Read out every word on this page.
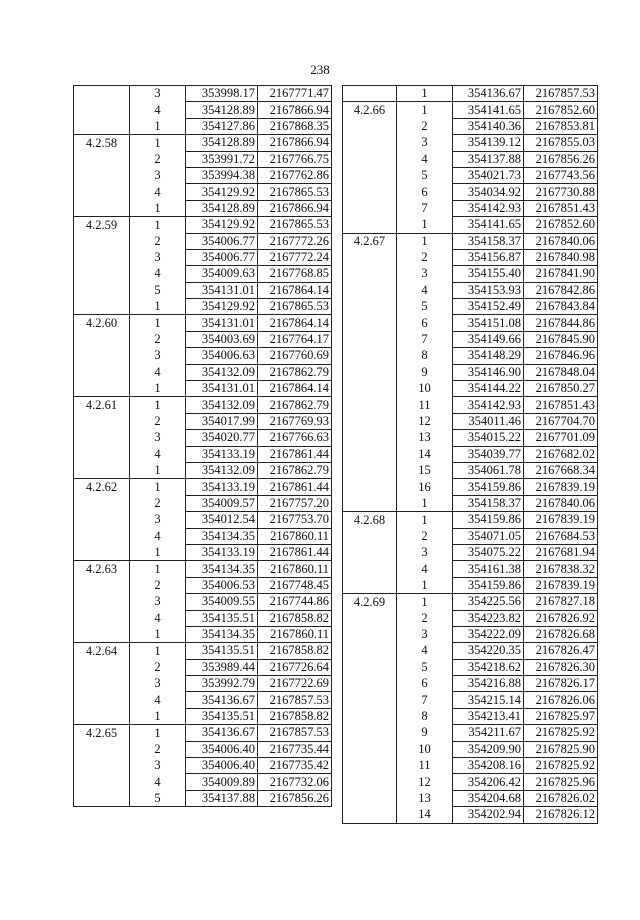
238
	3	353998.17	2167771.47
	4	354128.89	2167866.94
	1	354127.86	2167868.35
4.2.58	1	354128.89	2167866.94
	2	353991.72	2167766.75
	3	353994.38	2167762.86
	4	354129.92	2167865.53
	1	354128.89	2167866.94
4.2.59	1	354129.92	2167865.53
	2	354006.77	2167772.26
	3	354006.77	2167772.24
	4	354009.63	2167768.85
	5	354131.01	2167864.14
	1	354129.92	2167865.53
4.2.60	1	354131.01	2167864.14
	2	354003.69	2167764.17
	3	354006.63	2167760.69
	4	354132.09	2167862.79
	1	354131.01	2167864.14
4.2.61	1	354132.09	2167862.79
	2	354017.99	2167769.93
	3	354020.77	2167766.63
	4	354133.19	2167861.44
	1	354132.09	2167862.79
4.2.62	1	354133.19	2167861.44
	2	354009.57	2167757.20
	3	354012.54	2167753.70
	4	354134.35	2167860.11
	1	354133.19	2167861.44
4.2.63	1	354134.35	2167860.11
	2	354006.53	2167748.45
	3	354009.55	2167744.86
	4	354135.51	2167858.82
	1	354134.35	2167860.11
4.2.64	1	354135.51	2167858.82
	2	353989.44	2167726.64
	3	353992.79	2167722.69
	4	354136.67	2167857.53
	1	354135.51	2167858.82
4.2.65	1	354136.67	2167857.53
	2	354006.40	2167735.44
	3	354006.40	2167735.42
	4	354009.89	2167732.06
	5	354137.88	2167856.26
	1	354136.67	2167857.53
4.2.66	1	354141.65	2167852.60
	2	354140.36	2167853.81
	3	354139.12	2167855.03
	4	354137.88	2167856.26
	5	354021.73	2167743.56
	6	354034.92	2167730.88
	7	354142.93	2167851.43
	1	354141.65	2167852.60
4.2.67	1	354158.37	2167840.06
	2	354156.87	2167840.98
	3	354155.40	2167841.90
	4	354153.93	2167842.86
	5	354152.49	2167843.84
	6	354151.08	2167844.86
	7	354149.66	2167845.90
	8	354148.29	2167846.96
	9	354146.90	2167848.04
	10	354144.22	2167850.27
	11	354142.93	2167851.43
	12	354011.46	2167704.70
	13	354015.22	2167701.09
	14	354039.77	2167682.02
	15	354061.78	2167668.34
	16	354159.86	2167839.19
	1	354158.37	2167840.06
4.2.68	1	354159.86	2167839.19
	2	354071.05	2167684.53
	3	354075.22	2167681.94
	4	354161.38	2167838.32
	1	354159.86	2167839.19
4.2.69	1	354225.56	2167827.18
	2	354223.82	2167826.92
	3	354222.09	2167826.68
	4	354220.35	2167826.47
	5	354218.62	2167826.30
	6	354216.88	2167826.17
	7	354215.14	2167826.06
	8	354213.41	2167825.97
	9	354211.67	2167825.92
	10	354209.90	2167825.90
	11	354208.16	2167825.92
	12	354206.42	2167825.96
	13	354204.68	2167826.02
	14	354202.94	2167826.12
